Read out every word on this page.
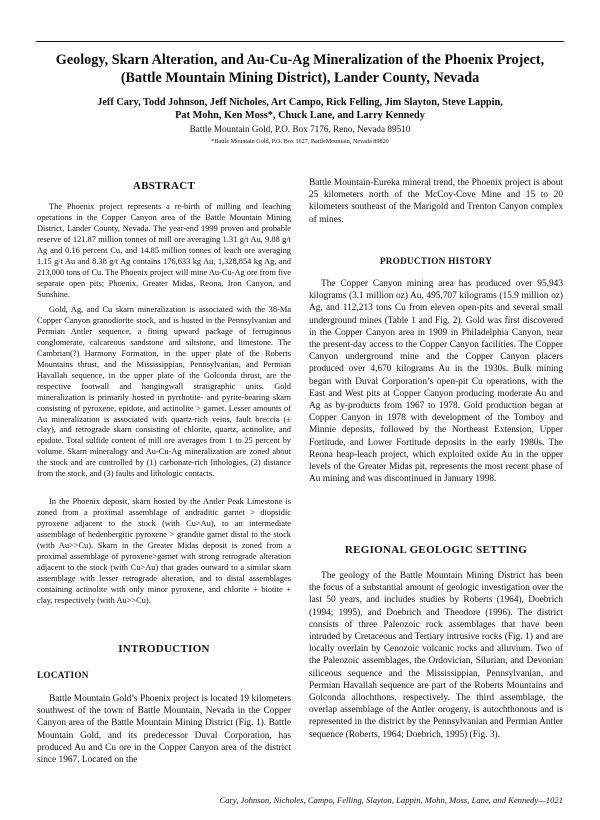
Geology, Skarn Alteration, and Au-Cu-Ag Mineralization of the Phoenix Project,
(Battle Mountain Mining District), Lander County, Nevada
Jeff Cary, Todd Johnson, Jeff Nicholes, Art Campo, Rick Felling, Jim Slayton, Steve Lappin,
Pat Mohn, Ken Moss*, Chuck Lane, and Larry Kennedy
Battle Mountain Gold, P.O. Box 7176, Reno, Nevada 89510
*Battle Mountain Gold, P.O. Box 1627, BattleMountain, Nevada 89820
ABSTRACT
The Phoenix project represents a re-birth of milling and leaching operations in the Copper Canyon area of the Battle Mountain Mining District, Lander County, Nevada. The year-end 1999 proven and probable reserve of 121.87 million tonnes of mill ore averaging 1.31 g/t Au, 9.88 g/t Ag and 0.16 percent Cu, and 14.85 million tonnes of leach ore averaging 1.15 g/t Au and 8.38 g/t Ag contains 176,633 kg Au, 1,328,854 kg Ag, and 213,000 tons of Cu. The Phoenix project will mine Au-Cu-Ag ore from five separate open pits; Phoenix, Greater Midas, Reona, Iron Canyon, and Sunshine.
Gold, Ag, and Cu skarn mineralization is associated with the 38-Ma Copper Canyon granodiorite stock, and is hosted in the Pennsylvanian and Permian Antler sequence, a fining upward package of ferruginous conglomerate, calcareous sandstone and siltstone, and limestone. The Cambrian(?) Harmony Formation, in the upper plate of the Roberts Mountains thrust, and the Mississippian, Pennsylvanian, and Permian Havallah sequence, in the upper plate of the Golconda thrust, are the respective footwall and hangingwall stratigraphic units. Gold mineralization is primarily hosted in pyrrhotite- and pyrite-bearing skarn consisting of pyroxene, epidote, and actinolite > garnet. Lesser amounts of Au mineralization is associated with quartz-rich veins, fault breccia (± clay), and retrograde skarn consisting of chlorite, quartz, actinolite, and epidote. Total sulfide content of mill ore averages from 1 to 25 percent by volume. Skarn mineralogy and Au-Cu-Ag mineralization are zoned about the stock and are controlled by (1) carbonate-rich lithologies, (2) distance from the stock, and (3) faults and lithologic contacts.
In the Phoenix deposit, skarn hosted by the Antler Peak Limestone is zoned from a proximal assemblage of andraditic garnet > diopsidic pyroxene adjacent to the stock (with Cu>Au), to an intermediate assemblage of hedenbergitic pyroxene > grandite garnet distal to the stock (with Au>>Cu). Skarn in the Greater Midas deposit is zoned from a proximal assemblage of pyroxene>garnet with strong retrograde alteration adjacent to the stock (with Cu>Au) that grades outward to a similar skarn assemblage with lesser retrograde alteration, and to distal assemblages containing actinolite with only minor pyroxene, and chlorite + biotite + clay, respectively (with Au>>Cu).
INTRODUCTION
LOCATION
Battle Mountain Gold’s Phoenix project is located 19 kilometers southwest of the town of Battle Mountain, Nevada in the Copper Canyon area of the Battle Mountain Mining District (Fig. 1). Battle Mountain Gold, and its predecessor Duval Corporation, has produced Au and Cu ore in the Copper Canyon area of the district since 1967. Located on the
Battle Mountain-Eureka mineral trend, the Phoenix project is about 25 kilometers north of the McCoy-Cove Mine and 15 to 20 kilometers southeast of the Marigold and Trenton Canyon complex of mines.
PRODUCTION HISTORY
The Copper Canyon mining area has produced over 95,943 kilograms (3.1 million oz) Au, 495,707 kilograms (15.9 million oz) Ag, and 112,213 tons Cu from eleven open-pits and several small underground mines (Table 1 and Fig. 2). Gold was first discovered in the Copper Canyon area in 1909 in Philadelphia Canyon, near the present-day access to the Copper Canyon facilities. The Copper Canyon underground mine and the Copper Canyon placers produced over 4,670 kilograms Au in the 1930s. Bulk mining began with Duval Corporation’s open-pit Cu operations, with the East and West pits at Copper Canyon producing moderate Au and Ag as by-products from 1967 to 1978. Gold production began at Copper Canyon in 1978 with development of the Tomboy and Minnie deposits, followed by the Northeast Extension, Upper Fortitude, and Lower Fortitude deposits in the early 1980s. The Reona heap-leach project, which exploited oxide Au in the upper levels of the Greater Midas pit, represents the most recent phase of Au mining and was discontinued in January 1998.
REGIONAL GEOLOGIC SETTING
The geology of the Battle Mountain Mining District has been the focus of a substantial amount of geologic investigation over the last 50 years, and includes studies by Roberts (1964), Doebrich (1994; 1995), and Doebrich and Theodore (1996). The district consists of three Paleozoic rock assemblages that have been intruded by Cretaceous and Tertiary intrusive rocks (Fig. 1) and are locally overlain by Cenozoic volcanic rocks and alluvium. Two of the Paleozoic assemblages, the Ordovician, Silurian, and Devonian siliceous sequence and the Mississippian, Pennsylvanian, and Permian Havallah sequence are part of the Roberts Mountains and Golconda allochthons, respectively. The third assemblage, the overlap assemblage of the Antler orogeny, is autochthonous and is represented in the district by the Pennsylvanian and Permian Antler sequence (Roberts, 1964; Doebrich, 1995) (Fig. 3).
Cary, Johnson, Nicholes, Campo, Felling, Slayton, Lappin, Mohn, Moss, Lane, and Kennedy—1021
